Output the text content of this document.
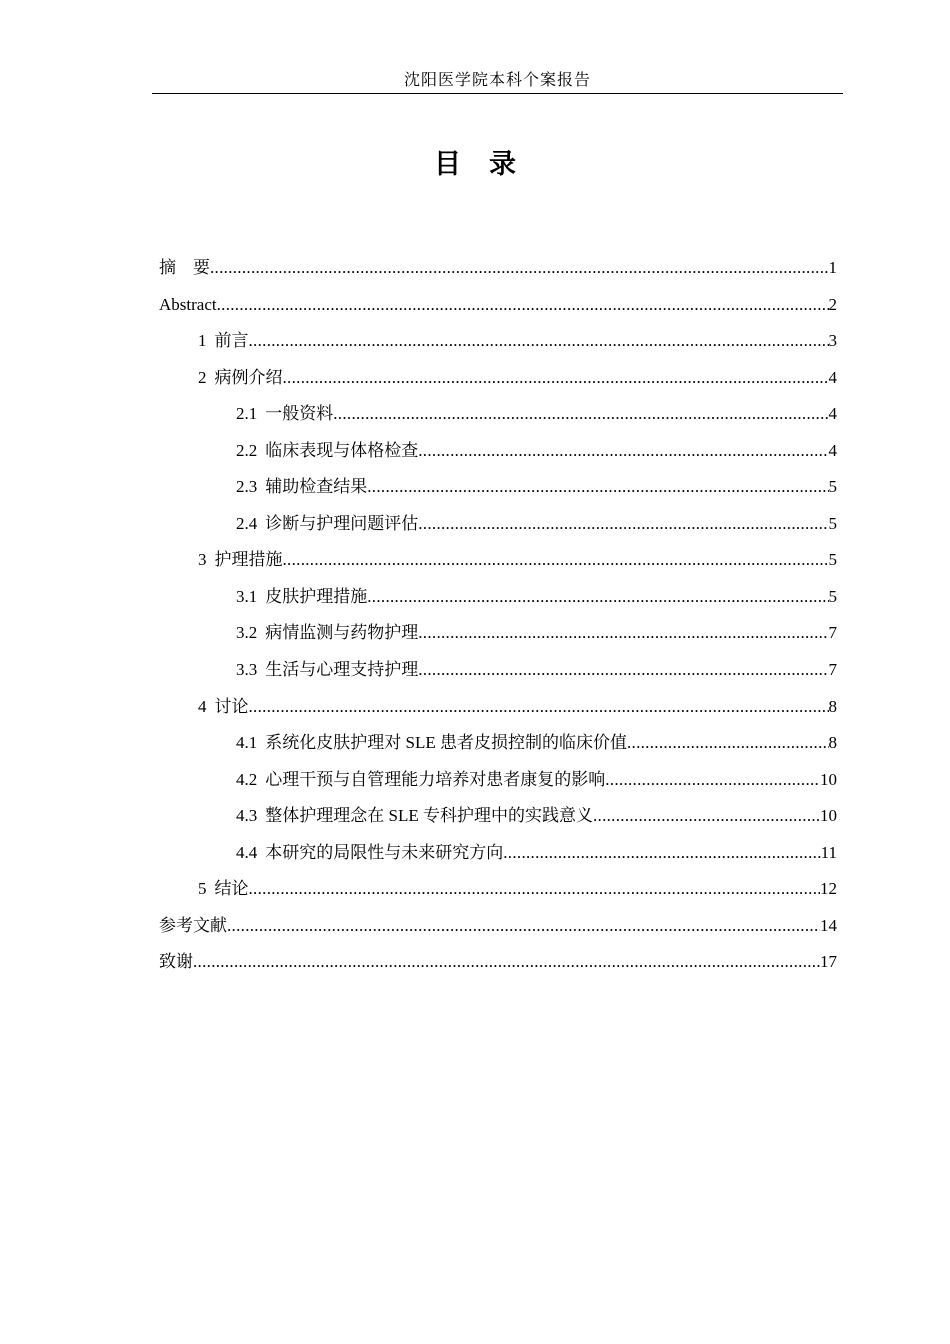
沈阳医学院本科个案报告
目录
摘　要 .....	1
Abstract .....	2
1 前言 .....	3
2 病例介绍 .....	4
2.1 一般资料 .....	4
2.2 临床表现与体格检查 .....	4
2.3 辅助检查结果 .....	5
2.4 诊断与护理问题评估 .....	5
3 护理措施 .....	5
3.1 皮肤护理措施 .....	5
3.2 病情监测与药物护理 .....	7
3.3 生活与心理支持护理 .....	7
4 讨论 .....	8
4.1 系统化皮肤护理对 SLE 患者皮损控制的临床价值 .....	8
4.2 心理干预与自管理能力培养对患者康复的影响 .....	10
4.3 整体护理理念在 SLE 专科护理中的实践意义 .....	10
4.4 本研究的局限性与未来研究方向 .....	11
5 结论 .....	12
参考文献 .....	14
致谢 .....	17
